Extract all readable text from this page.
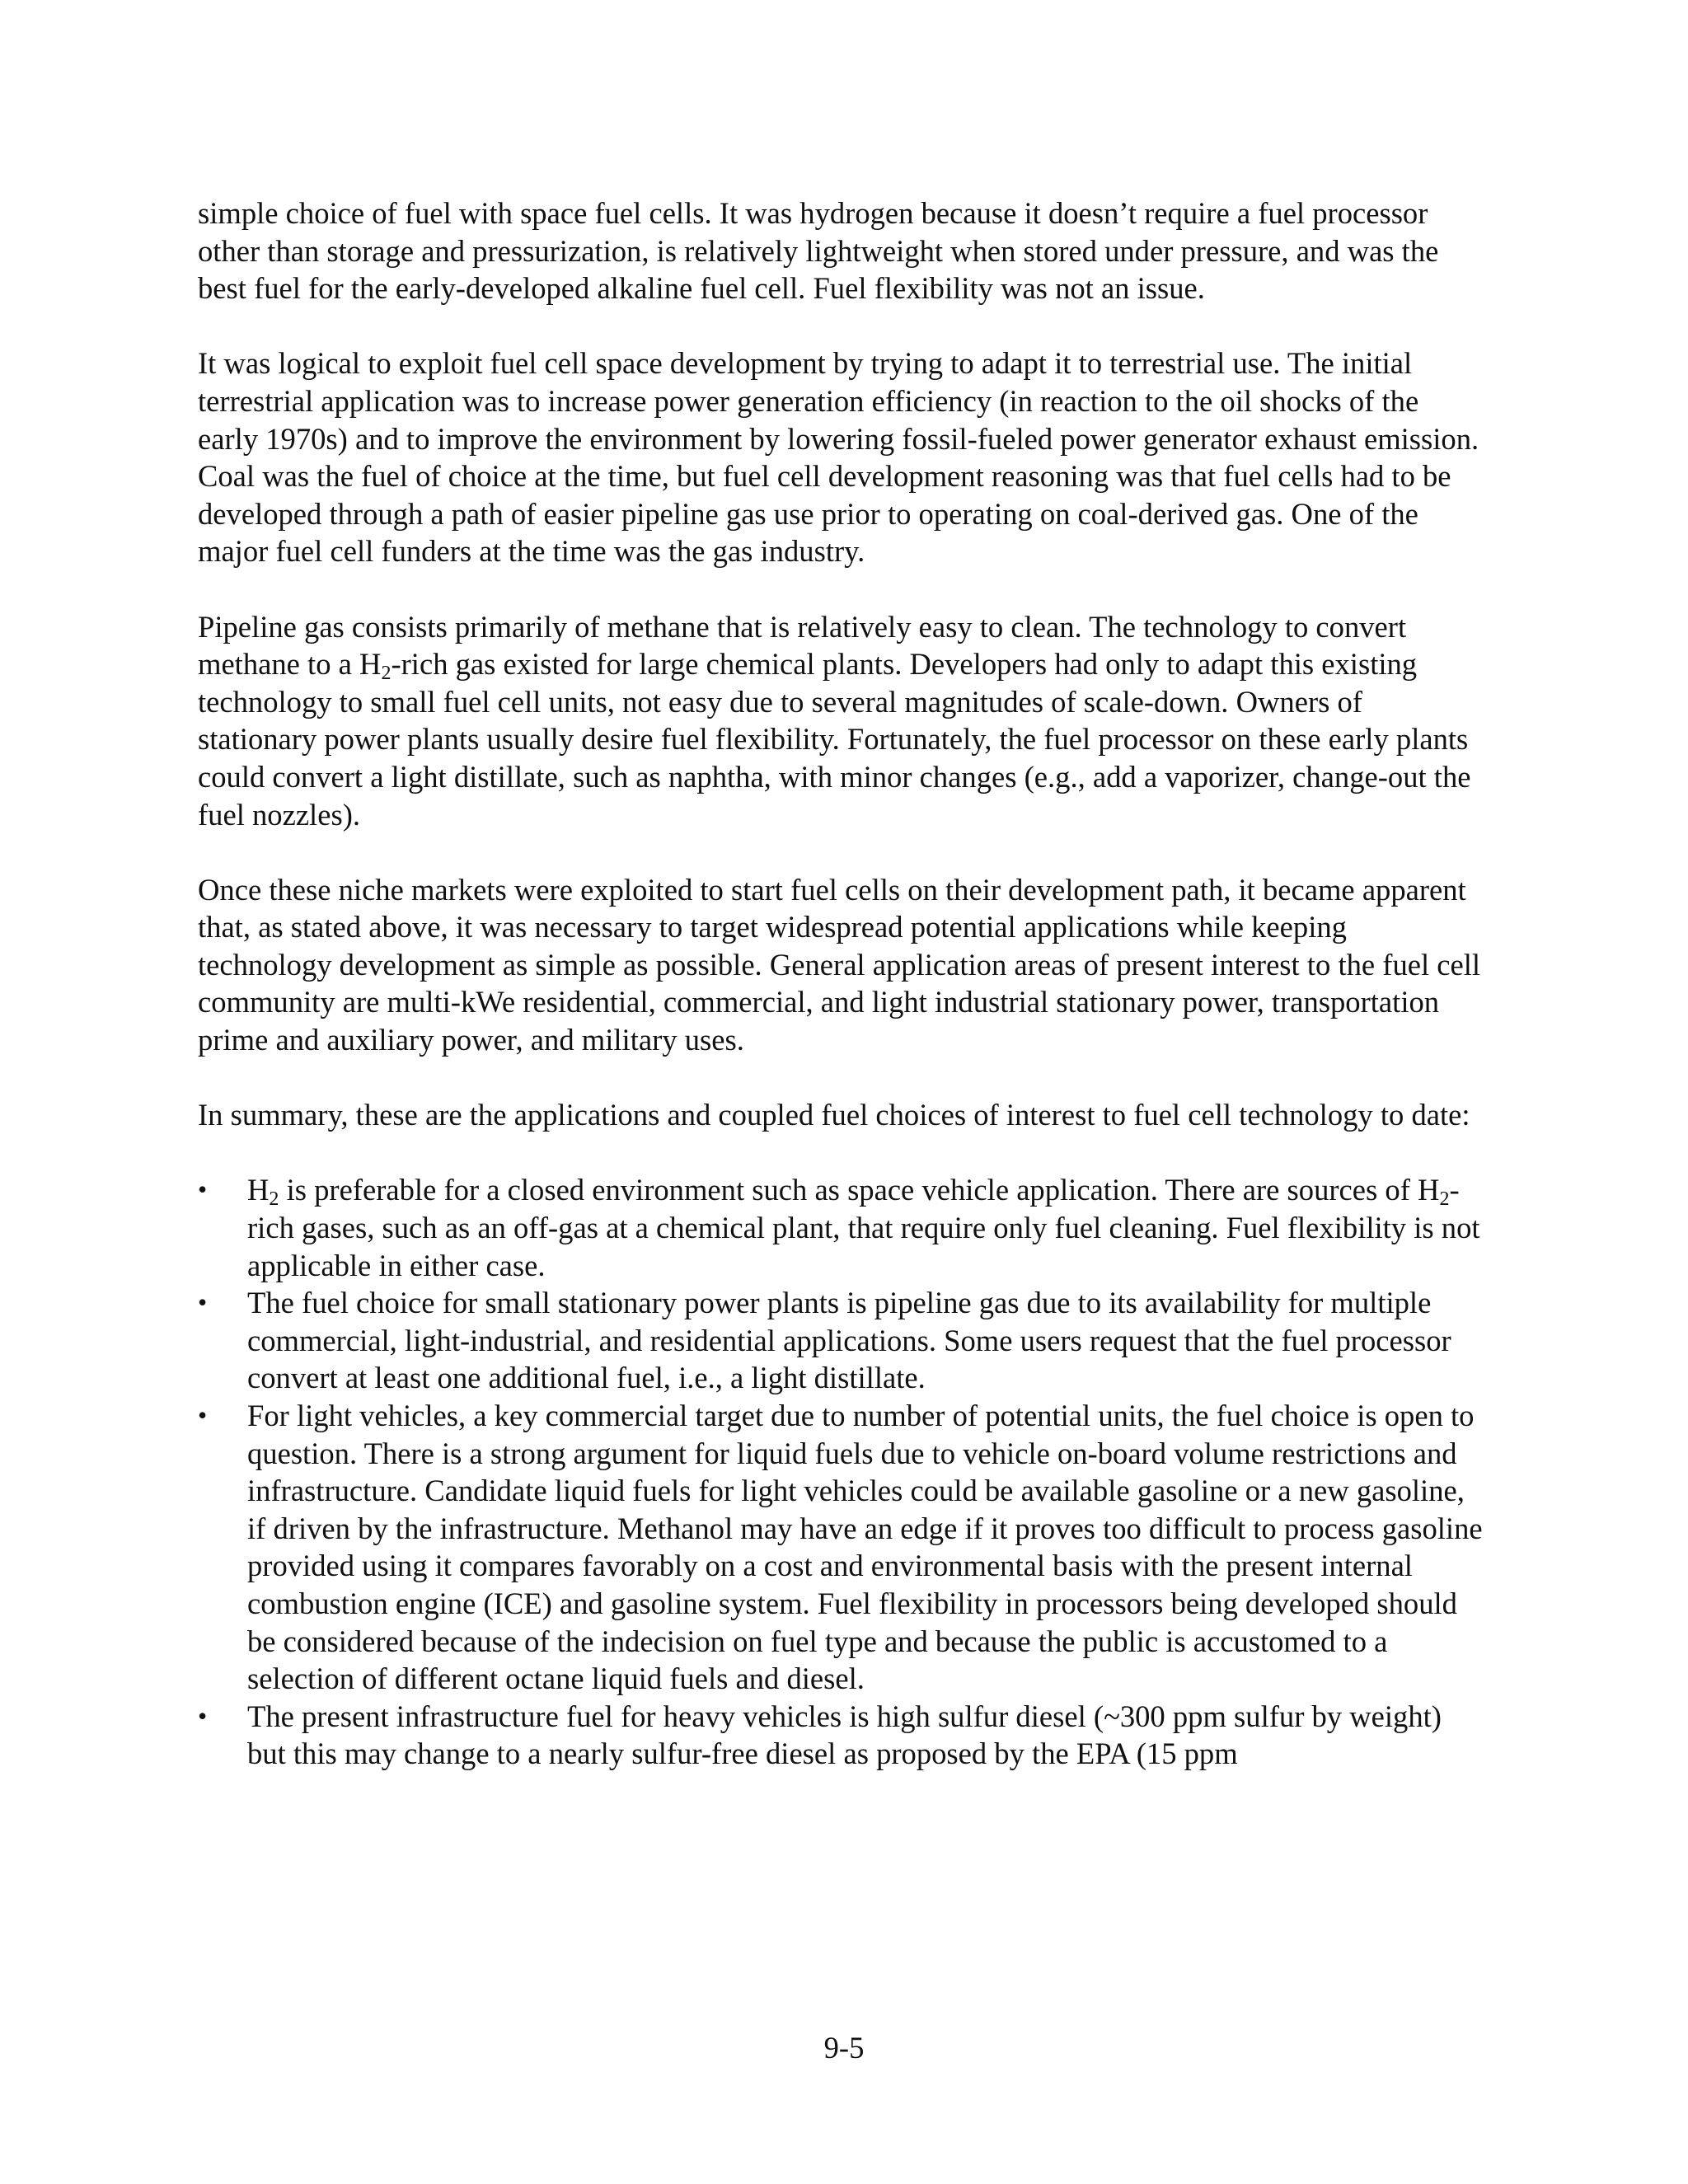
simple choice of fuel with space fuel cells. It was hydrogen because it doesn’t require a fuel processor other than storage and pressurization, is relatively lightweight when stored under pressure, and was the best fuel for the early-developed alkaline fuel cell. Fuel flexibility was not an issue.

It was logical to exploit fuel cell space development by trying to adapt it to terrestrial use. The initial terrestrial application was to increase power generation efficiency (in reaction to the oil shocks of the early 1970s) and to improve the environment by lowering fossil-fueled power generator exhaust emission. Coal was the fuel of choice at the time, but fuel cell development reasoning was that fuel cells had to be developed through a path of easier pipeline gas use prior to operating on coal-derived gas. One of the major fuel cell funders at the time was the gas industry.

Pipeline gas consists primarily of methane that is relatively easy to clean. The technology to convert methane to a $H_2$-rich gas existed for large chemical plants. Developers had only to adapt this existing technology to small fuel cell units, not easy due to several magnitudes of scale-down. Owners of stationary power plants usually desire fuel flexibility. Fortunately, the fuel processor on these early plants could convert a light distillate, such as naphtha, with minor changes (e.g., add a vaporizer, change-out the fuel nozzles).

Once these niche markets were exploited to start fuel cells on their development path, it became apparent that, as stated above, it was necessary to target widespread potential applications while keeping technology development as simple as possible. General application areas of present interest to the fuel cell community are multi-kWe residential, commercial, and light industrial stationary power, transportation prime and auxiliary power, and military uses.

In summary, these are the applications and coupled fuel choices of interest to fuel cell technology to date:

• $H_2$ is preferable for a closed environment such as space vehicle application. There are sources of $H_2$-rich gases, such as an off-gas at a chemical plant, that require only fuel cleaning. Fuel flexibility is not applicable in either case.
• The fuel choice for small stationary power plants is pipeline gas due to its availability for multiple commercial, light-industrial, and residential applications. Some users request that the fuel processor convert at least one additional fuel, i.e., a light distillate.
• For light vehicles, a key commercial target due to number of potential units, the fuel choice is open to question. There is a strong argument for liquid fuels due to vehicle on-board volume restrictions and infrastructure. Candidate liquid fuels for light vehicles could be available gasoline or a new gasoline, if driven by the infrastructure. Methanol may have an edge if it proves too difficult to process gasoline provided using it compares favorably on a cost and environmental basis with the present internal combustion engine (ICE) and gasoline system. Fuel flexibility in processors being developed should be considered because of the indecision on fuel type and because the public is accustomed to a selection of different octane liquid fuels and diesel.
• The present infrastructure fuel for heavy vehicles is high sulfur diesel (~300 ppm sulfur by weight) but this may change to a nearly sulfur-free diesel as proposed by the EPA (15 ppm
9-5
